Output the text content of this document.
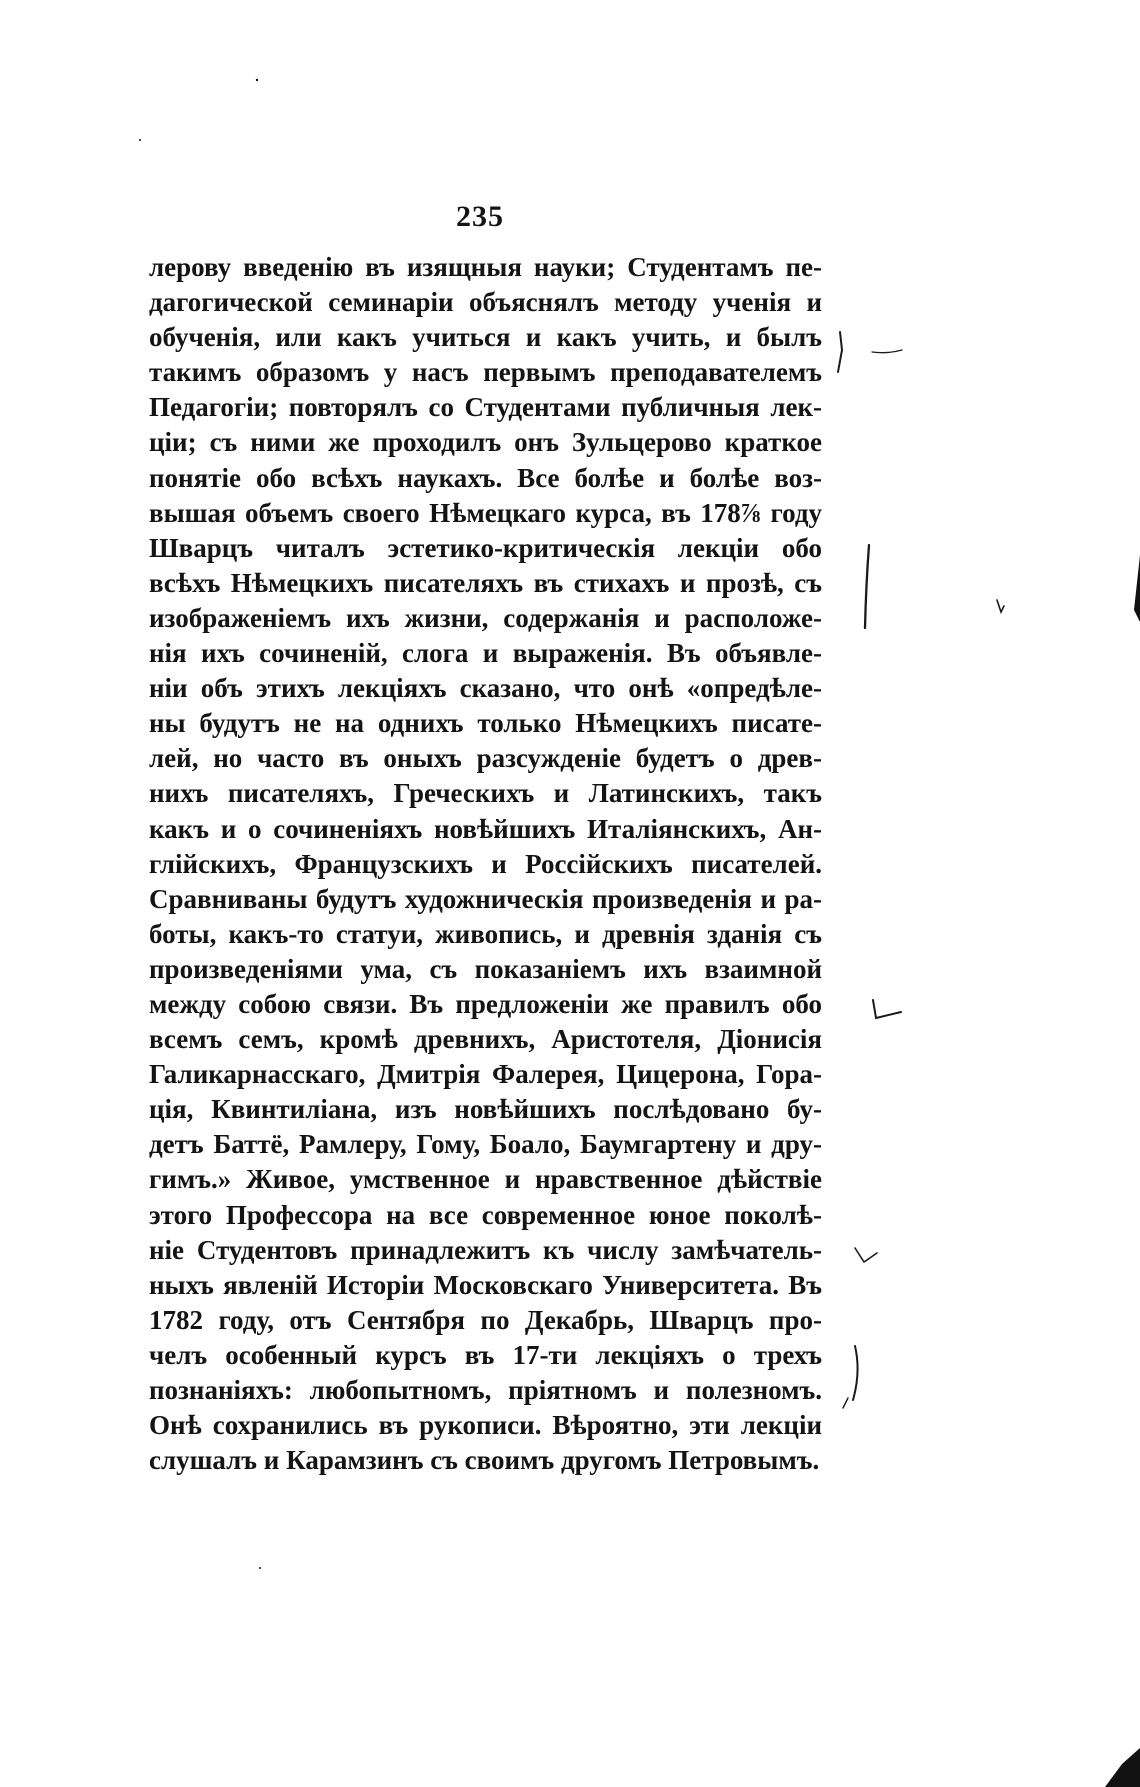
235
лерову введенію въ изящныя науки; Студентамъ пе-
дагогической семинаріи объяснялъ методу ученія и
обученія, или какъ учиться и какъ учить, и былъ
такимъ образомъ у насъ первымъ преподавателемъ
Педагогіи; повторялъ со Студентами публичныя лек-
ціи; съ ними же проходилъ онъ Зульцерово краткое
понятіе обо всѣхъ наукахъ. Все болѣе и болѣе воз-
вышая объемъ своего Нѣмецкаго курса, въ 178⅞ году
Шварцъ читалъ эстетико-критическія лекціи обо
всѣхъ Нѣмецкихъ писателяхъ въ стихахъ и прозѣ, съ
изображеніемъ ихъ жизни, содержанія и расположе-
нія ихъ сочиненій, слога и выраженія. Въ объявле-
ніи объ этихъ лекціяхъ сказано, что онѣ «опредѣле-
ны будутъ не на однихъ только Нѣмецкихъ писате-
лей, но часто въ оныхъ разсужденіе будетъ о древ-
нихъ писателяхъ, Греческихъ и Латинскихъ, такъ
какъ и о сочиненіяхъ новѣйшихъ Италіянскихъ, Ан-
глійскихъ, Французскихъ и Россійскихъ писателей.
Сравниваны будутъ художническія произведенія и ра-
боты, какъ-то статуи, живопись, и древнія зданія съ
произведеніями ума, съ показаніемъ ихъ взаимной
между собою связи. Въ предложеніи же правилъ обо
всемъ семъ, кромѣ древнихъ, Аристотеля, Діонисія
Галикарнасскаго, Дмитрія Фалерея, Цицерона, Гора-
ція, Квинтиліана, изъ новѣйшихъ послѣдовано бу-
детъ Баттё, Рамлеру, Гому, Боало, Баумгартену и дру-
гимъ.» Живое, умственное и нравственное дѣйствіе
этого Профессора на все современное юное поколѣ-
ніе Студентовъ принадлежитъ къ числу замѣчатель-
ныхъ явленій Исторіи Московскаго Университета. Въ
1782 году, отъ Сентября по Декабрь, Шварцъ про-
челъ особенный курсъ въ 17-ти лекціяхъ о трехъ
познаніяхъ: любопытномъ, пріятномъ и полезномъ.
Онѣ сохранились въ рукописи. Вѣроятно, эти лекціи
слушалъ и Карамзинъ съ своимъ другомъ Петровымъ.
